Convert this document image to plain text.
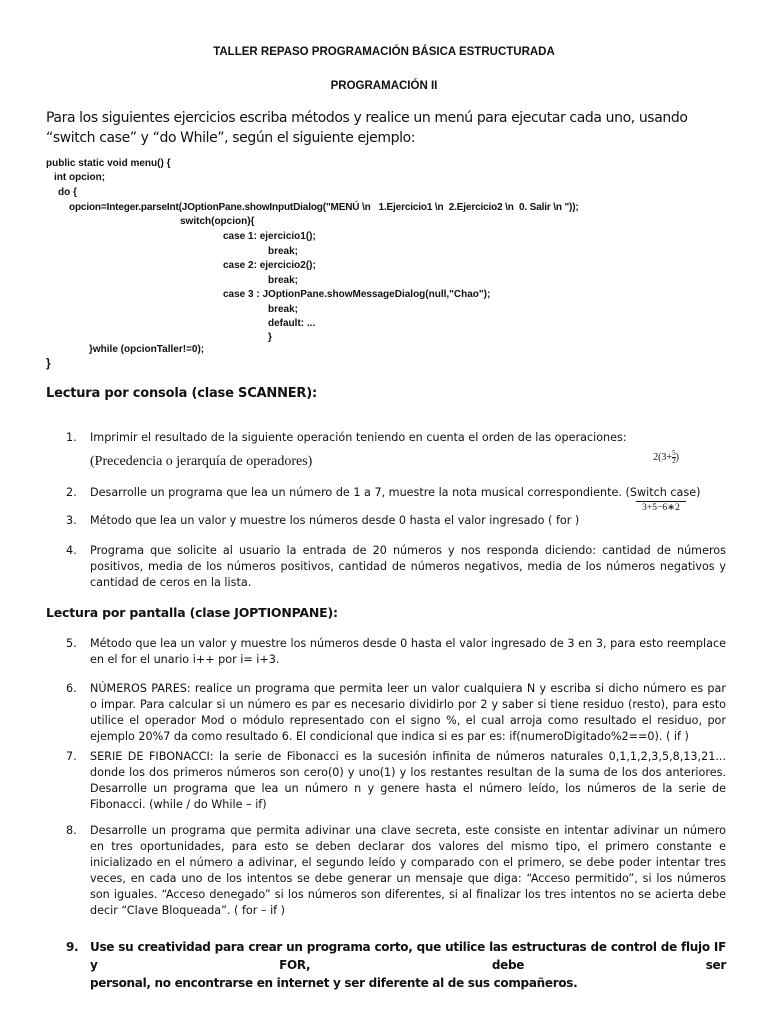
TALLER REPASO PROGRAMACIÓN BÁSICA ESTRUCTURADA
PROGRAMACIÓN II
Para los siguientes ejercicios escriba métodos y realice un menú para ejecutar cada uno, usando “switch case” y “do While”, según el siguiente ejemplo:
public static void menu() {
int opcion;
do {
opcion=Integer.parseInt(JOptionPane.showInputDialog("MENÚ \n   1.Ejercicio1 \n  2.Ejercicio2 \n  0. Salir \n "));
switch(opcion){
case 1: ejercicio1();
break;
case 2: ejercicio2();
break;
case 3 : JOptionPane.showMessageDialog(null,"Chao");
break;
default: ...
}
}while (opcionTaller!=0);
}
Lectura por consola (clase SCANNER):
1.	Imprimir el resultado de la siguiente operación teniendo en cuenta el orden de las operaciones:

$2(3+ \frac{5}{2}$ )

3+5−6∗2

(Precedencia o jerarquía de operadores)
2.	Desarrolle un programa que lea un número de 1 a 7, muestre la nota musical correspondiente. (Switch case)
3.	Método que lea un valor y muestre los números desde 0 hasta el valor ingresado ( for )
4.	Programa que solicite al usuario la entrada de 20 números y nos responda diciendo: cantidad de números
positivos, media de los números positivos, cantidad de números negativos, media de los números negativos y
cantidad de ceros en la lista.
Lectura por pantalla (clase JOPTIONPANE):
5.	Método que lea un valor y muestre los números desde 0 hasta el valor ingresado de 3 en 3, para esto reemplace
en el for el unario i++ por i= i+3.
6.	NÚMEROS PARES: realice un programa que permita leer un valor cualquiera N y escriba si dicho número es par
o impar. Para calcular si un número es par es necesario dividirlo por 2 y saber si tiene residuo (resto), para esto
utilice el operador Mod o módulo representado con el signo %, el cual arroja como resultado el residuo, por
ejemplo 20%7 da como resultado 6. El condicional que indica si es par es: if(numeroDigitado%2==0). ( if )
7.	SERIE DE FIBONACCI: la serie de Fibonacci es la sucesión infinita de números naturales 0,1,1,2,3,5,8,13,21...
donde los dos primeros números son cero(0) y uno(1) y los restantes resultan de la suma de los dos anteriores.
Desarrolle un programa que lea un número n y genere hasta el número leído, los números de la serie de
Fibonacci. (while / do While – if)
8.	Desarrolle un programa que permita adivinar una clave secreta, este consiste en intentar adivinar un número
en tres oportunidades, para esto se deben declarar dos valores del mismo tipo, el primero constante e
inicializado en el número a adivinar, el segundo leído y comparado con el primero, se debe poder intentar tres
veces, en cada uno de los intentos se debe generar un mensaje que diga: “Acceso permitido”, si los números
son iguales. “Acceso denegado” si los números son diferentes, si al finalizar los tres intentos no se acierta debe
decir “Clave Bloqueada”. ( for – if )
9. Use su creatividad para crear un programa corto, que utilice las estructuras de control de flujo IF y FOR, debe ser
personal, no encontrarse en internet y ser diferente al de sus compañeros.
